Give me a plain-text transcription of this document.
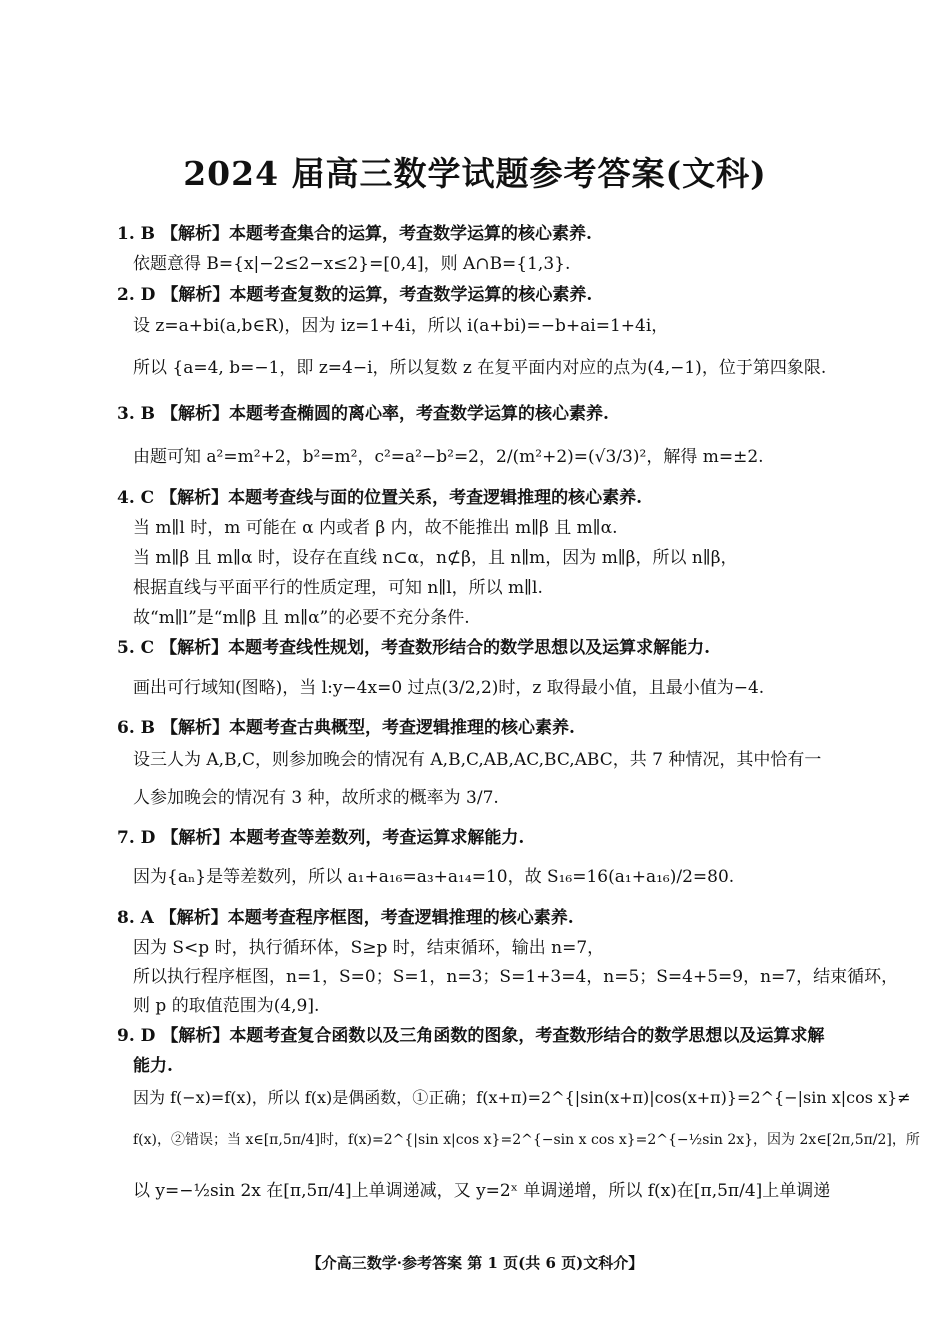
2024 届高三数学试题参考答案(文科)
1. B 【解析】本题考查集合的运算，考查数学运算的核心素养.
依题意得 B={x|−2≤2−x≤2}=[0,4]，则 A∩B={1,3}.
2. D 【解析】本题考查复数的运算，考查数学运算的核心素养.
设 z=a+bi(a,b∈R)，因为 iz=1+4i，所以 i(a+bi)=−b+ai=1+4i，
所以 {a=4, b=−1，即 z=4−i，所以复数 z 在复平面内对应的点为(4,−1)，位于第四象限.
3. B 【解析】本题考查椭圆的离心率，考查数学运算的核心素养.
由题可知 a²=m²+2，b²=m²，c²=a²−b²=2，2/(m²+2)=(√3/3)²，解得 m=±2.
4. C 【解析】本题考查线与面的位置关系，考查逻辑推理的核心素养.
当 m∥l 时，m 可能在 α 内或者 β 内，故不能推出 m∥β 且 m∥α.
当 m∥β 且 m∥α 时，设存在直线 n⊂α，n⊄β，且 n∥m，因为 m∥β，所以 n∥β，
根据直线与平面平行的性质定理，可知 n∥l，所以 m∥l.
故“m∥l”是“m∥β 且 m∥α”的必要不充分条件.
5. C 【解析】本题考查线性规划，考查数形结合的数学思想以及运算求解能力.
画出可行域知(图略)，当 l:y−4x=0 过点(3/2,2)时，z 取得最小值，且最小值为−4.
6. B 【解析】本题考查古典概型，考查逻辑推理的核心素养.
设三人为 A,B,C，则参加晚会的情况有 A,B,C,AB,AC,BC,ABC，共 7 种情况，其中恰有一
人参加晚会的情况有 3 种，故所求的概率为 3/7.
7. D 【解析】本题考查等差数列，考查运算求解能力.
因为{aₙ}是等差数列，所以 a₁+a₁₆=a₃+a₁₄=10，故 S₁₆=16(a₁+a₁₆)/2=80.
8. A 【解析】本题考查程序框图，考查逻辑推理的核心素养.
因为 S<p 时，执行循环体，S≥p 时，结束循环，输出 n=7，
所以执行程序框图，n=1，S=0；S=1，n=3；S=1+3=4，n=5；S=4+5=9，n=7，结束循环，
则 p 的取值范围为(4,9].
9. D 【解析】本题考查复合函数以及三角函数的图象，考查数形结合的数学思想以及运算求解
能力.
因为 f(−x)=f(x)，所以 f(x)是偶函数，①正确；f(x+π)=2^{|sin(x+π)|cos(x+π)}=2^{−|sin x|cos x}≠
f(x)，②错误；当 x∈[π,5π/4]时，f(x)=2^{|sin x|cos x}=2^{−sin x cos x}=2^{−½sin 2x}，因为 2x∈[2π,5π/2]，所
以 y=−½sin 2x 在[π,5π/4]上单调递减，又 y=2ˣ 单调递增，所以 f(x)在[π,5π/4]上单调递
【介高三数学·参考答案 第 1 页(共 6 页)文科介】
